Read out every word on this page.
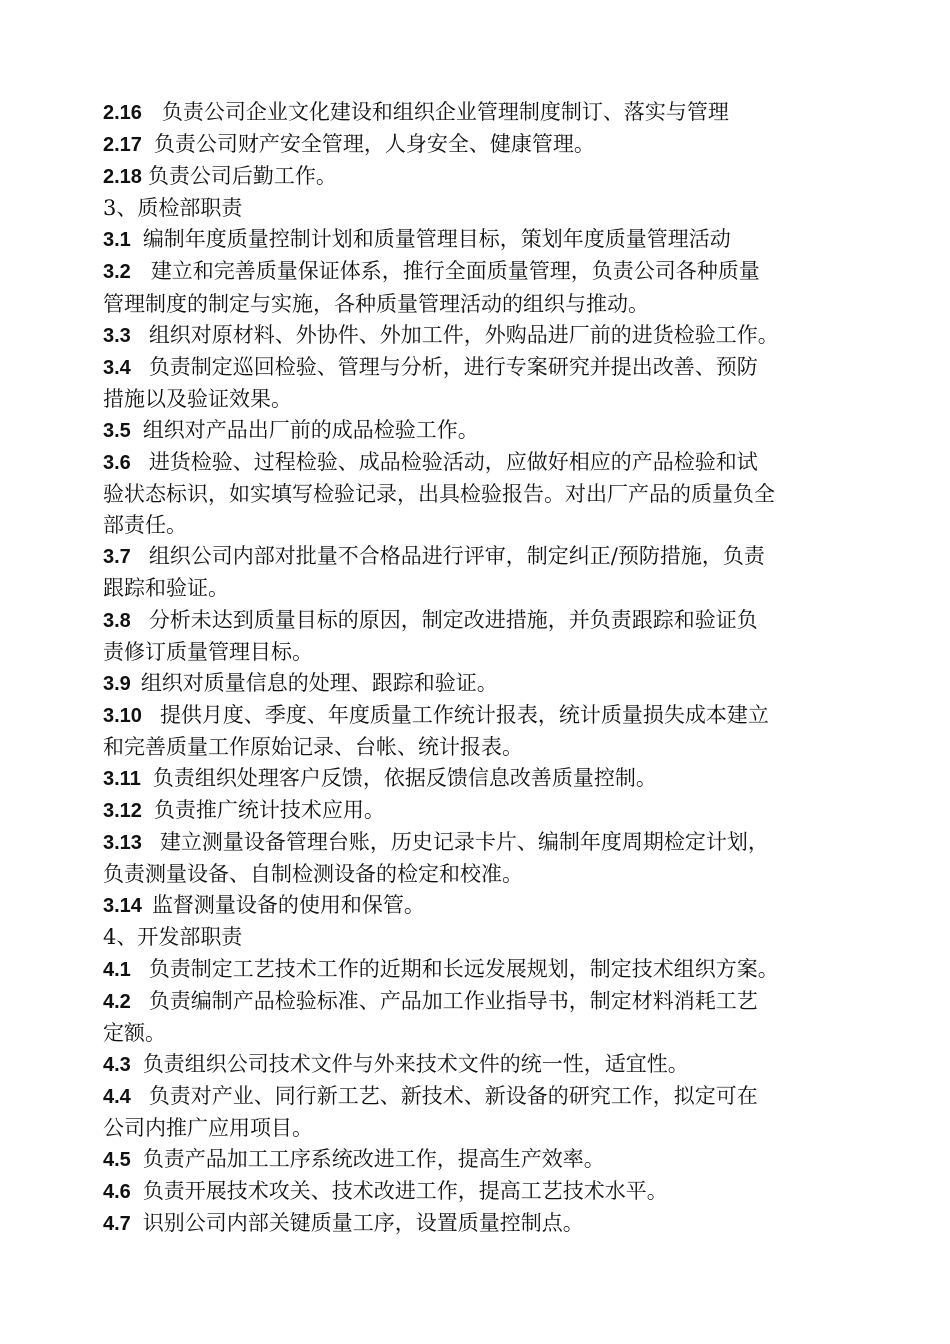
2.16 负责公司企业文化建设和组织企业管理制度制订、落实与管理
2.17 负责公司财产安全管理，人身安全、健康管理。
2.18 负责公司后勤工作。
3、质检部职责
3.1 编制年度质量控制计划和质量管理目标，策划年度质量管理活动
3.2 建立和完善质量保证体系，推行全面质量管理，负责公司各种质量
管理制度的制定与实施，各种质量管理活动的组织与推动。
3.3 组织对原材料、外协件、外加工件，外购品进厂前的进货检验工作。
3.4 负责制定巡回检验、管理与分析，进行专案研究并提出改善、预防
措施以及验证效果。
3.5 组织对产品出厂前的成品检验工作。
3.6 进货检验、过程检验、成品检验活动，应做好相应的产品检验和试
验状态标识，如实填写检验记录，出具检验报告。对出厂产品的质量负全
部责任。
3.7 组织公司内部对批量不合格品进行评审，制定纠正/预防措施，负责
跟踪和验证。
3.8 分析未达到质量目标的原因，制定改进措施，并负责跟踪和验证负
责修订质量管理目标。
3.9 组织对质量信息的处理、跟踪和验证。
3.10 提供月度、季度、年度质量工作统计报表，统计质量损失成本建立
和完善质量工作原始记录、台帐、统计报表。
3.11 负责组织处理客户反馈，依据反馈信息改善质量控制。
3.12 负责推广统计技术应用。
3.13 建立测量设备管理台账，历史记录卡片、编制年度周期检定计划，
负责测量设备、自制检测设备的检定和校准。
3.14 监督测量设备的使用和保管。
4、开发部职责
4.1 负责制定工艺技术工作的近期和长远发展规划，制定技术组织方案。
4.2 负责编制产品检验标准、产品加工作业指导书，制定材料消耗工艺
定额。
4.3 负责组织公司技术文件与外来技术文件的统一性，适宜性。
4.4 负责对产业、同行新工艺、新技术、新设备的研究工作，拟定可在
公司内推广应用项目。
4.5 负责产品加工工序系统改进工作，提高生产效率。
4.6 负责开展技术攻关、技术改进工作，提高工艺技术水平。
4.7 识别公司内部关键质量工序，设置质量控制点。
